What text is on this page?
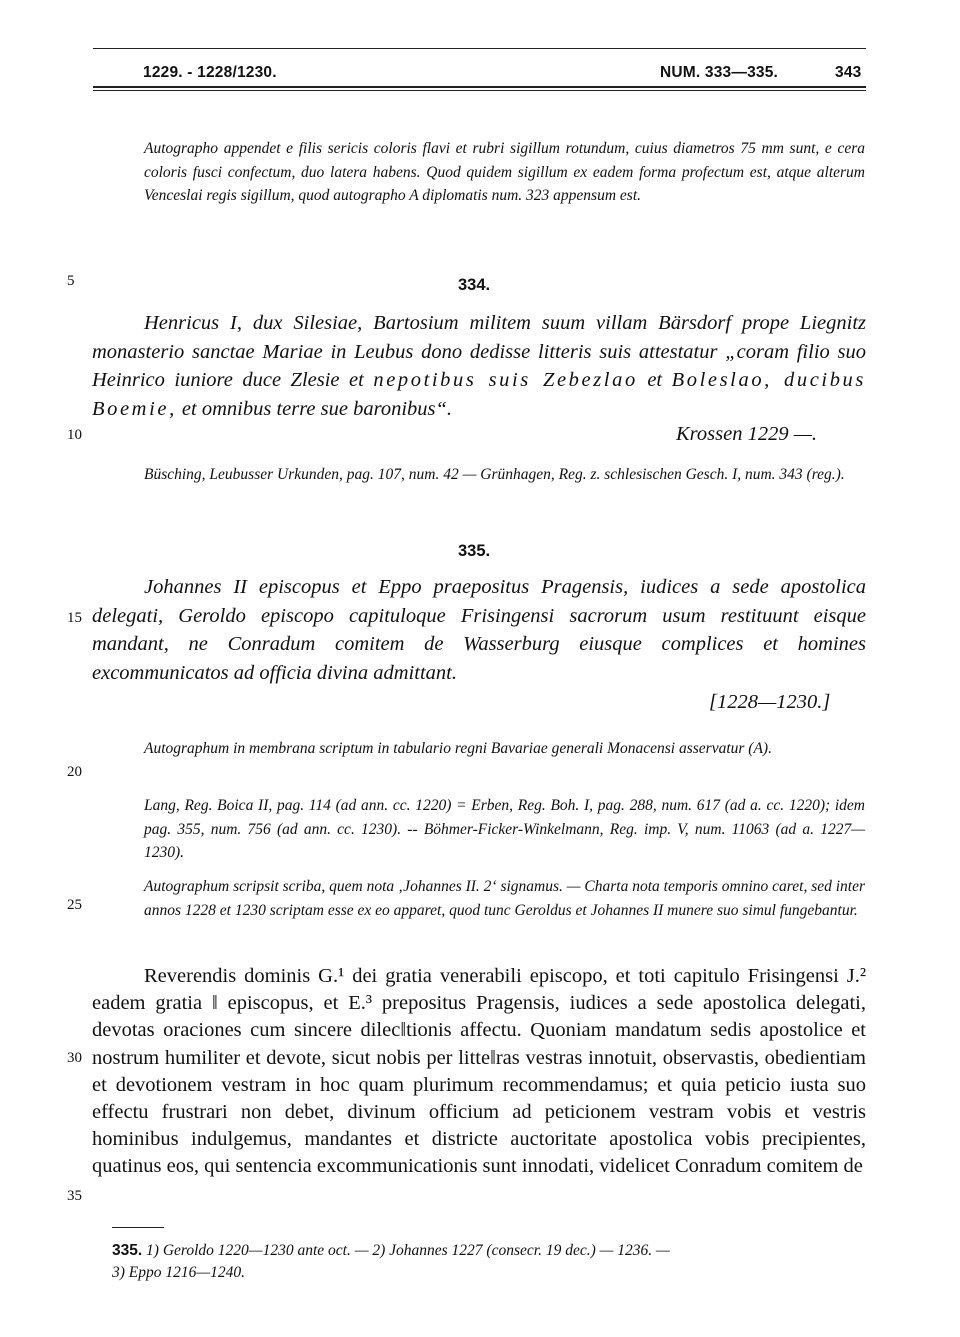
1229. - 1228/1230.	NUM. 333—335.	343
5
10
15
20
25
30
35
Autographo appendet e filis sericis coloris flavi et rubri sigillum rotundum, cuius diametros 75 mm sunt, e cera coloris fusci confectum, duo latera habens. Quod quidem sigillum ex eadem forma profectum est, atque alterum Venceslai regis sigillum, quod autographo A diplomatis num. 323 appensum est.
334.
Henricus I, dux Silesiae, Bartosium militem suum villam Bärsdorf prope Liegnitz monasterio sanctae Mariae in Leubus dono dedisse litteris suis attestatur „coram filio suo Heinrico iuniore duce Zlesie et nepotibus suis Zebezlao et Boleslao, ducibus Boemie, et omnibus terre sue baronibus“.
Krossen 1229 —.
Büsching, Leubusser Urkunden, pag. 107, num. 42 — Grünhagen, Reg. z. schlesischen Gesch. I, num. 343 (reg.).
335.
Johannes II episcopus et Eppo praepositus Pragensis, iudices a sede apostolica delegati, Geroldo episcopo capituloque Frisingensi sacrorum usum restituunt eisque mandant, ne Conradum comitem de Wasserburg eiusque complices et homines excommunicatos ad officia divina admittant.
[1228—1230.]
Autographum in membrana scriptum in tabulario regni Bavariae generali Monacensi asservatur (A).
Lang, Reg. Boica II, pag. 114 (ad ann. cc. 1220) = Erben, Reg. Boh. I, pag. 288, num. 617 (ad a. cc. 1220); idem pag. 355, num. 756 (ad ann. cc. 1230). -- Böhmer-Ficker-Winkelmann, Reg. imp. V, num. 11063 (ad a. 1227—1230).
Autographum scripsit scriba, quem nota ‚Johannes II. 2‘ signamus. — Charta nota temporis omnino caret, sed inter annos 1228 et 1230 scriptam esse ex eo apparet, quod tunc Geroldus et Johannes II munere suo simul fungebantur.
Reverendis dominis G.¹ dei gratia venerabili episcopo, et toti capitulo Frisingensi J.² eadem gratia ‖ episcopus, et E.³ prepositus Pragensis, iudices a sede apostolica delegati, devotas oraciones cum sincere dilec‖tionis affectu. Quoniam mandatum sedis apostolice et nostrum humiliter et devote, sicut nobis per litte‖ras vestras innotuit, observastis, obedientiam et devotionem vestram in hoc quam plurimum recommendamus; et quia peticio iusta suo effectu frustrari non debet, divinum officium ad peticionem vestram vobis et vestris hominibus indulgemus, mandantes et districte auctoritate apostolica vobis precipientes, quatinus eos, qui sentencia excommunicationis sunt innodati, videlicet Conradum comitem de
335. 1) Geroldo 1220—1230 ante oct. — 2) Johannes 1227 (consecr. 19 dec.) — 1236. —
3) Eppo 1216—1240.
